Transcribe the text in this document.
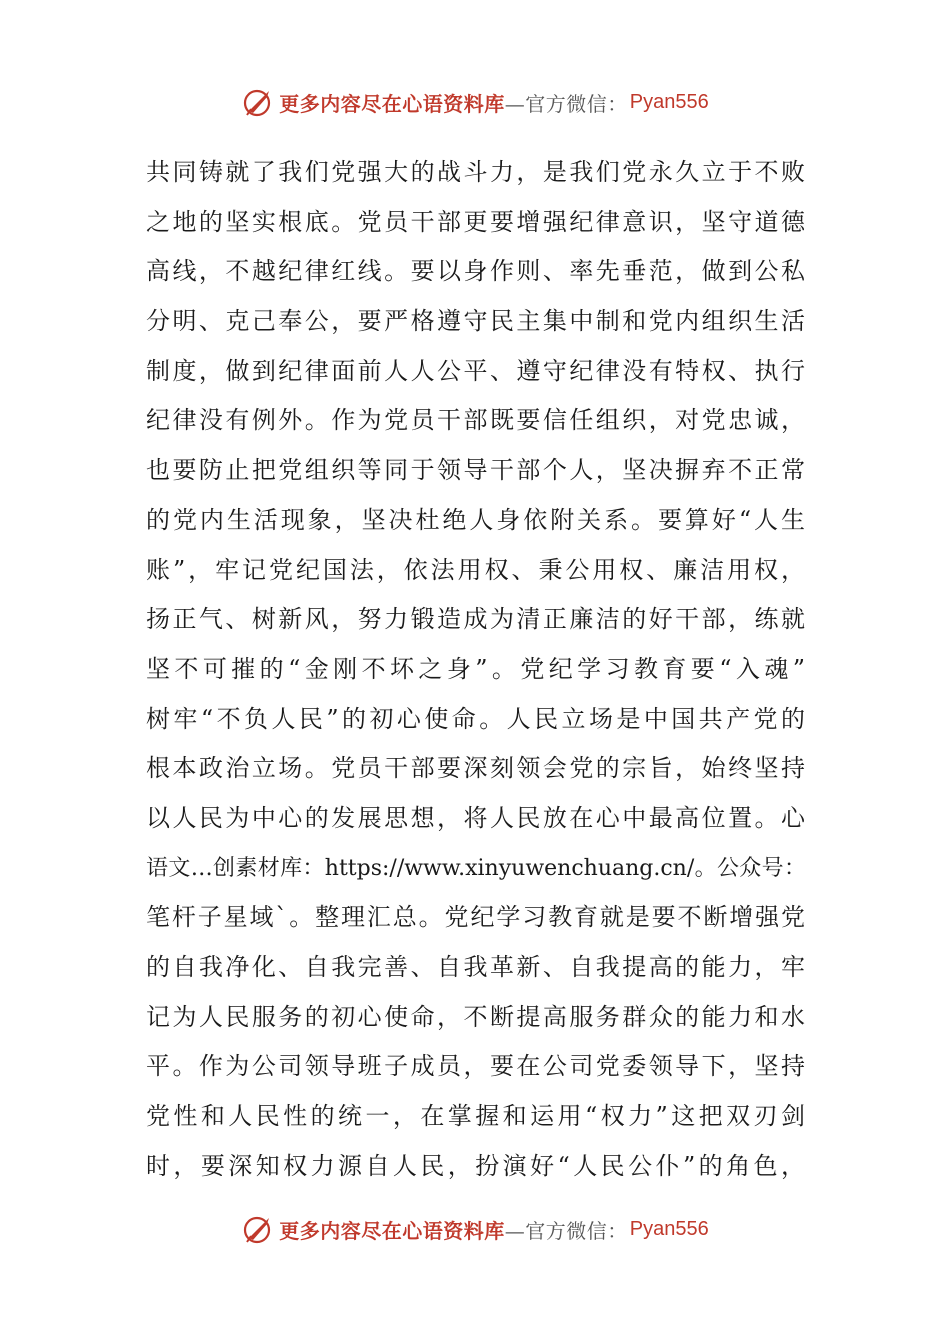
更多内容尽在心语资料库 —官方微信： Pyan556
共同铸就了我们党强大的战斗力，是我们党永久立于不败
之地的坚实根底。党员干部更要增强纪律意识，坚守道德
高线，不越纪律红线。要以身作则、率先垂范，做到公私
分明、克己奉公，要严格遵守民主集中制和党内组织生活
制度，做到纪律面前人人公平、遵守纪律没有特权、执行
纪律没有例外。作为党员干部既要信任组织，对党忠诚，
也要防止把党组织等同于领导干部个人，坚决摒弃不正常
的党内生活现象，坚决杜绝人身依附关系。要算好“人生
账”，牢记党纪国法，依法用权、秉公用权、廉洁用权，
扬正气、树新风，努力锻造成为清正廉洁的好干部，练就
坚不可摧的“金刚不坏之身”。党纪学习教育要“入魂”
树牢“不负人民”的初心使命。人民立场是中国共产党的
根本政治立场。党员干部要深刻领会党的宗旨，始终坚持
以人民为中心的发展思想，将人民放在心中最高位置。心
语文…创素材库：https://www.xinyuwenchuang.cn/。公众号：
笔杆子星域`。整理汇总。党纪学习教育就是要不断增强党
的自我净化、自我完善、自我革新、自我提高的能力，牢
记为人民服务的初心使命，不断提高服务群众的能力和水
平。作为公司领导班子成员，要在公司党委领导下，坚持
党性和人民性的统一，在掌握和运用“权力”这把双刃剑
时，要深知权力源自人民，扮演好“人民公仆”的角色，
更多内容尽在心语资料库 —官方微信： Pyan556
